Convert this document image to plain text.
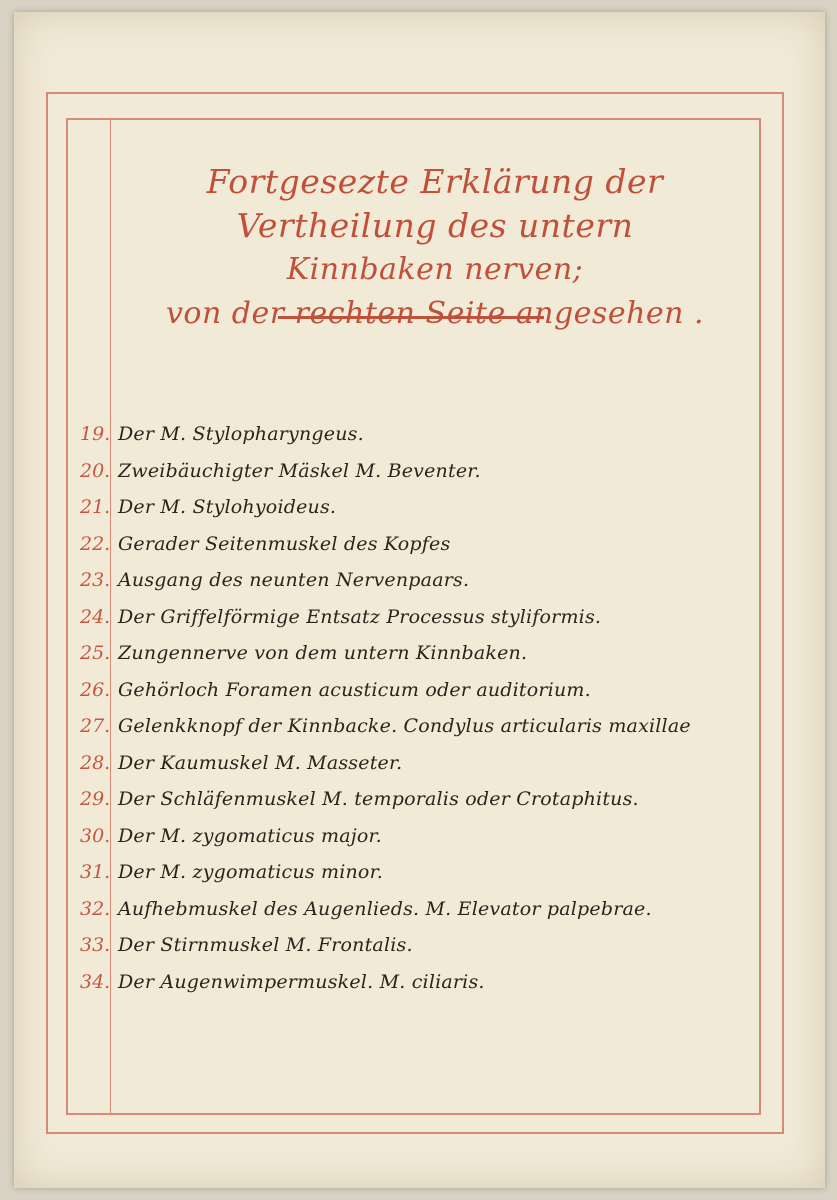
Fortgesezte Erklärung der Vertheilung des untern
Kinnbaken nerven;
von der rechten Seite angesehen .
19. Der M. Stylopharyngeus.
20. Zweibäuchigter Mäskel M. Beventer.
21. Der M. Stylohyoideus.
22. Gerader Seitenmuskel des Kopfes
23. Ausgang des neunten Nervenpaars.
24. Der Griffelförmige Entsatz Processus styliformis.
25. Zungennerve von dem untern Kinnbaken.
26. Gehörloch Foramen acusticum oder auditorium.
27. Gelenkknopf der Kinnbacke. Condylus articularis maxillae
28. Der Kaumuskel M. Masseter.
29. Der Schläfenmuskel M. temporalis oder Crotaphitus.
30. Der M. zygomaticus major.
31. Der M. zygomaticus minor.
32. Aufhebmuskel des Augenlieds. M. Elevator palpebrae.
33. Der Stirnmuskel M. Frontalis.
34. Der Augenwimpermuskel. M. ciliaris.
